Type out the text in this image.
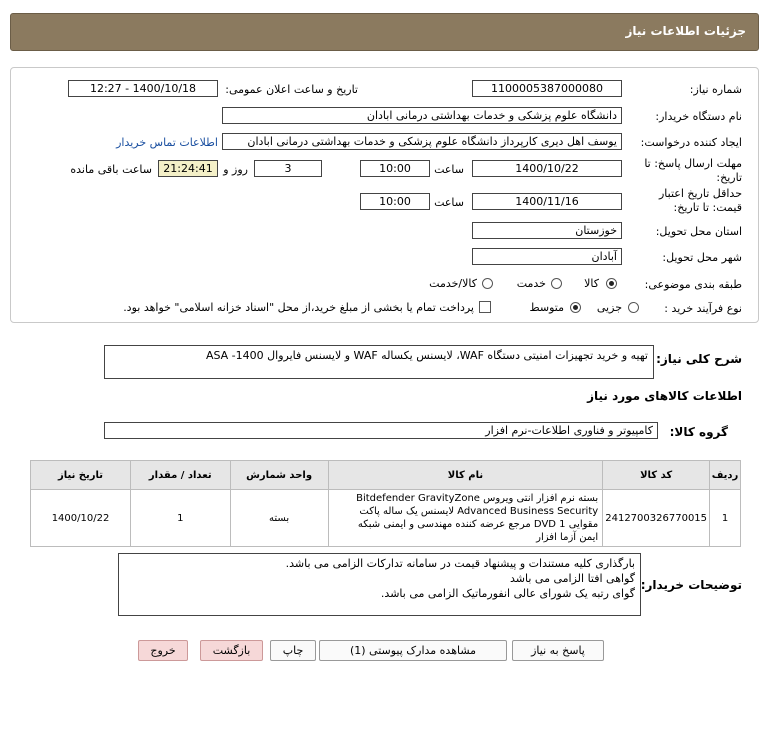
جزئیات اطلاعات نیاز
شماره نیاز:
1100005387000080
تاریخ و ساعت اعلان عمومی:
1400/10/18 - 12:27
نام دستگاه خریدار:
دانشگاه علوم پزشکی و خدمات بهداشتی درمانی ابادان
ایجاد کننده درخواست:
یوسف اهل دیری کارپرداز دانشگاه علوم پزشکی و خدمات بهداشتی درمانی ابادان
اطلاعات تماس خریدار
مهلت ارسال پاسخ: تا
تاریخ:
1400/10/22
ساعت
10:00
3
روز و
21:24:41
ساعت باقی مانده
حداقل تاریخ اعتبار
قیمت: تا تاریخ:
1400/11/16
ساعت
10:00
استان محل تحویل:
خوزستان
شهر محل تحویل:
آبادان
طبقه بندی موضوعی:
کالا
خدمت
کالا/خدمت
نوع فرآیند خرید :
جزیی
متوسط
پرداخت تمام یا بخشی از مبلغ خرید،از محل "اسناد خزانه اسلامی" خواهد بود.
شرح کلی نیاز:
تهیه و خرید تجهیزات امنیتی دستگاه WAF، لایسنس یکساله WAF و لایسنس فایروال ASA -1400
اطلاعات کالاهای مورد نیاز
گروه کالا:
کامپیوتر و فناوری اطلاعات-نرم افزار
ردیف	کد کالا	نام کالا	واحد شمارش	تعداد / مقدار	تاریخ نیاز
1	2412700326770015	بسته نرم افزار انتی ویروس Bitdefender GravityZone
Advanced Business Security لایسنس یک ساله پاکت
مقوایی DVD 1 مرجع عرضه کننده مهندسی و ایمنی شبکه
ایمن آزما افزار	بسته	1	1400/10/22
توضیحات خریدار:
بارگذاری کلیه مستندات و پیشنهاد قیمت در سامانه تدارکات الزامی می باشد.
گواهی افتا الزامی می باشد
گوای رتبه یک شورای عالی انفورماتیک الزامی می باشد.
پاسخ به نیاز
مشاهده مدارک پیوستی (1)
چاپ
بازگشت
خروج
